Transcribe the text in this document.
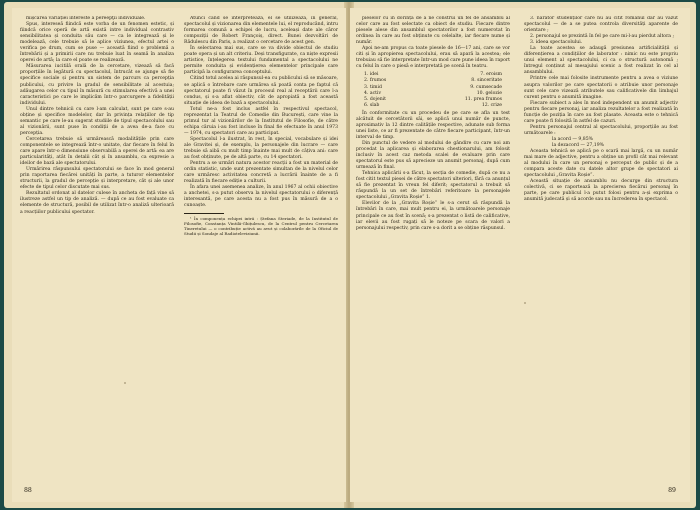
mișcarea variației intereste a pereepţii individuale.

Spus, intereseă fiindcă este vorba de un fenomen estetic, și fiindcă orice operă de artă există intre individual contrastiv sensibilitatea și conduita său care — ca le integrează și le modelează, cele trebuie să le aplice viziunea, efectul artei o verifica pe drum, cum se puse — această fiind o problemă a întrebării și a primirii care nu trebuie luat în seamă în analiza operei de artă; la care el poate se realizează.

Măsurarea iucitilă orală de la cercetare, vizează să facă proporțiile în legătură cu spectacolul, întrucât se ajunge să fie specifice sociale și pentru un sistem de parcurs ca percepția publicului, cu privire la gradul de sensibilitate al acestuia; adăugarea celor cu tipul în măsură cu stimularea efectivă a unei caracteristici pe care le implicăm într-o parcurgere a fidelității individului.

Unul dintre tehnicii cu care l-am calculat, sunt pe care s-au obține și specifice modelelor, dar în privința relațiilor de tip semantic pe care le-au sugerat studiile de tipul spectacolului sau al vizionării, sunt puse în condiții de a avea de-a face cu percepția.

Cercetarea trebuie să urmărească modalitățile prin care componentele se integrează într-o unitate, dar fiecare în felul în care apare într-o dimensiune observabilă a operei de artă: ea are particularități, atât în detalii cât și în ansamblu, ca expresie a ideilor de bază ale spectatorului.

Urmărirea răspunsului spectatorului se face în mod general prin raportarea fiecărei unități în parte, a tuturor elementelor structurii, la gradul de percepție și interpretare, cât și ale unor efecte de tipul celor discutate mai sus.

Rezultatul ordonat al datelor culese în ancheta de față vine să ilustreze astfel un tip de analiză. — după ce au fost evaluate ca elemente de structură, posibil de utilizat într-o analiză ulterioară a reacțiilor publicului spectator.

Atunci când se interpretează, el se utilizează, în general, spectacolul și vizionarea din elementele lui, el reproducând, intru formarea comună a echipei de lucru, aceleași date ale căror compoziții de Robert Françoiș, direct. Bunei dezvoltări de Rădulescu din Paris, a realizat o cercetare de acest gen.

În selectarea mai sus, care se va divide obiectul de studiu poate opera și un alt criteriu. Deși transfigurate, ca niște expresii artistice, înțelegerea textului fundamental a spectacolului ne permite conduita și evidențierea elementelor principale care participă la configurarea conceptului.

Citind totul acelea ai răspunsul-ea cu publicului să se măsoare, se aplică o întrebare care urmărea să poată conta pe faptul că spectatorul poate fi văzut în procesul real al receptării care l-a condus, și s-a aflat obiectiv, cât de apropiată a fost această situație de ideea de bază a spectacolului.

Totul ne-a fost inclus astfel în respectivul spectacol, reprezentat la Teatrul de Comedie din București, care vine la primul tur al vizionărilor de la Institutul de Filosofie, de către echipa căruia i-au fost incluse în final fie efectuate în anul 1973 — 1974, cu spectatori care au participat.

Spectacolul l-a ilustrat, în rest, în special, vocabulare și idei ale Gravitei și, de exemplu, la personajele din lucrare — care trebuie să aibă cu mult timp înainte mai mult de câțiva ani: care au fost obținute, pe de altă parte, cu 14 spectatori.

Pentru a se urmări natura acestor reacții a fost un material de ordin statistic, unde sunt prezentate simultan de la nivelul celor care urmăresc activitatea concretă a lucrării înainte de a fi realizată în fiecare ediție a culturii.

În afara unei asemenea analize, în anul 1967 al ochii obiective a anchetei, s-a putut observa la nivelul spectatorului o diferență interesantă, pe care acesta nu a fost pus în măsură de a o cunoaște.

¹ În componența echipei intră : Ștefana Steriade, de la Institutul de Filosofie, Constanța Vintilă-Ghițulescu, de la Centrul pentru Cercetarea Tineretului — o contribuție activă au avut și colaborările de la Oficiul de Studii și Sondaje al Radioteleviziunii.

88

pieselor cu în dorința de a ne construi un fel de ansamblu al celor care au fost selectate ca obiect de studiu. Fiecare dintre piesele alese din ansamblul spectatorilor a fost numerotat în ordinea în care au fost obținute cu celelalte, iar fiecare nume și număr.

Apoi ne-am propus ca toate piesele de 16—17 ani, care se vor citi și în apropierea spectacolului, erau să apară la acestea; ele trebuiau să fie interpretate într-un mod care pune ideea în raport cu felul în care o piesă e interpretată pe scenă în teatru.

1. idei	7. eroism
2. frumos	8. sinceritate
3. timid	9. cumsecade
4. activ	10. gelozie
5. dojenit	11. prea frumos
6. slab	12. crize

În conformitate cu un procedeu de pe care se afla un test alcătuit de cercetătorii săi, se aplică unui număr de puncte, aproximativ la 12 dintre calitățile respective, adunate sub forma unei liste, ce ar fi prezentate de către fiecare participant, într-un interval de timp.

Din punctul de vedere al modului de gândire cu care noi am procedat la aplicarea și elaborarea chestionarului, am folosit inclusiv în acest caz metoda scalei de evaluare prin care spectatorul este pus să aprecieze un anumit personaj, după cum urmează în final.

Tehnica aplicării s-a făcut, la secția de comedie, după ce nu a fost citit textul piesei de către spectatori ulteriori, fără ca anunțul să fie prezentat în vreun fel diferit; spectatorul a trebuit să răspundă la un set de întrebări referitoare la personajele spectacolului „Gravita Roșie” 1.

Elevilor de la „Gravita Roșie” le s-a cerut să răspundă la întrebări în care, mai mult pentru ei, la următoarele personaje principale ce au fost în scenă; s-a prezentat o listă de calificative, iar elevii au fost rugați să le noteze pe scara de valori a personajului respectiv, prin care s-a dorit a se obține răspunsul.

3. narator studenților care nu au citit romanul dar au văzut spectacolul — de a se putea controla diversități aparente de orientare ;

2. personajul se prezintă în fel pe care mi-l-au pierdut altora ;

3. ideea spectacolului.

La toate acestea se adaugă presiunea artificialității și diferențierea a condițiilor de laborator : nimic nu este propriu unui element al spectacolului, ci ca o structură autonomă ; întregul conținut al mesajului scenic a fost realizat în cel al ansamblului.

Printre cele mai folosite instrumente pentru a avea o viziune asupra valorilor pe care spectatorii o atribuie unor personaje sunt cele care vizează atributele sau calificativele din limbajul curent pentru o anumită imagine.

Fiecare subiect a ales în mod independent un anumit adjectiv pentru fiecare personaj, iar analiza rezultatelor a fost realizată în funcție de poziția în care au fost plasate. Aceasta este o tehnică care poate fi folosită în astfel de cazuri.

Pentru personajul central al spectacolului, proporțiile au fost următoarele :

la acord — 9,85%

la dezacord — 27,19%

Aceasta tehnică se aplică pe o scară mai largă, cu un număr mai mare de adjective, pentru a obține un profil cât mai relevant al modului în care un personaj e perceput de public și de a compara aceste date cu datele altor grupe de spectatori ai spectacolului „Gravita Roșie”.

Această situație de ansamblu nu decurge din structura colectivă, ci se raportează la aprecierea fiecărui personaj în parte, pe care publicul l-a putut folosi pentru a-și exprima o anumită judecată și să acorde sau nu încrederea în spectacol.

89
